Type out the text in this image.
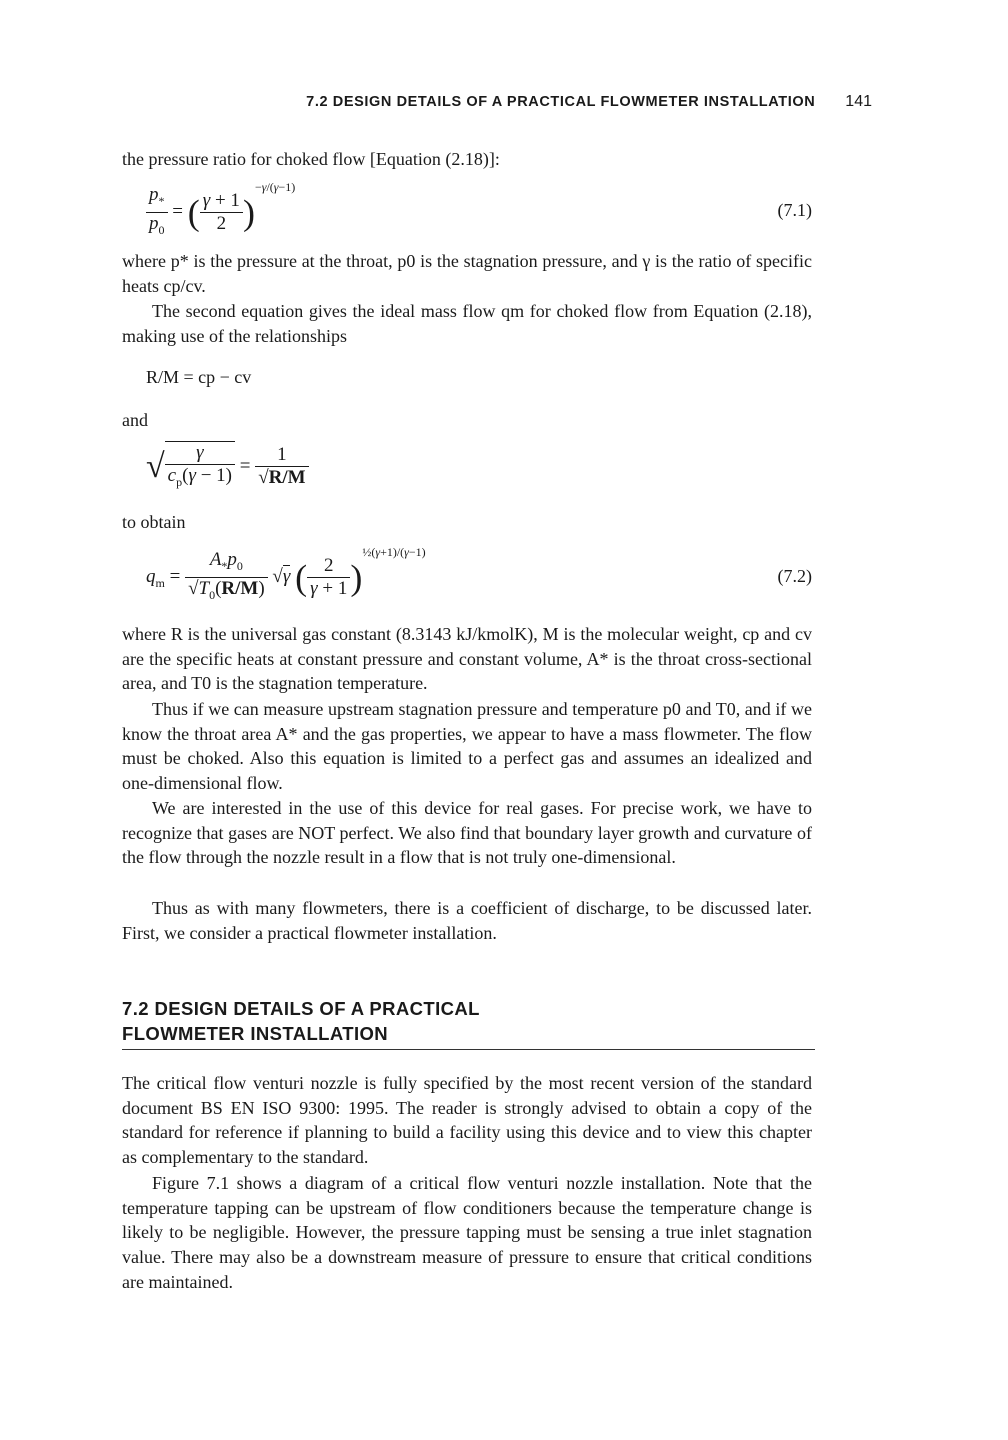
7.2 DESIGN DETAILS OF A PRACTICAL FLOWMETER INSTALLATION 141

the pressure ratio for choked flow [Equation (2.18)]:

$\frac{p_*}{p_0}$ = ( $\frac{\gamma + 1}{2} )^{-\gamma/(\gamma-1)}$
(7.1)

where p* is the pressure at the throat, p0 is the stagnation pressure, and γ is the ratio of specific heats cp/cv.

The second equation gives the ideal mass flow qm for choked flow from Equation (2.18), making use of the relationships

R/M = cp − cv

and

√ $\frac{\gamma}{c_p(\gamma - 1)} = \frac{1}{√R/M}$

to obtain

$q_m = \frac{A_*p_0}{√T_0(R/M)} √\gamma$ ( $\frac{2}{\gamma + 1} )^{\frac{1}{2}(\gamma+1)/(\gamma-1)}$
(7.2)

where R is the universal gas constant (8.3143 kJ/kmolK), M is the molecular weight, cp and cv are the specific heats at constant pressure and constant volume, A* is the throat cross-sectional area, and T0 is the stagnation temperature.

Thus if we can measure upstream stagnation pressure and temperature p0 and T0, and if we know the throat area A* and the gas properties, we appear to have a mass flowmeter. The flow must be choked. Also this equation is limited to a perfect gas and assumes an idealized and one-dimensional flow.

We are interested in the use of this device for real gases. For precise work, we have to recognize that gases are NOT perfect. We also find that boundary layer growth and curvature of the flow through the nozzle result in a flow that is not truly one-dimensional.

Thus as with many flowmeters, there is a coefficient of discharge, to be discussed later. First, we consider a practical flowmeter installation.

7.2 DESIGN DETAILS OF A PRACTICAL
FLOWMETER INSTALLATION

The critical flow venturi nozzle is fully specified by the most recent version of the standard document BS EN ISO 9300: 1995. The reader is strongly advised to obtain a copy of the standard for reference if planning to build a facility using this device and to view this chapter as complementary to the standard.

Figure 7.1 shows a diagram of a critical flow venturi nozzle installation. Note that the temperature tapping can be upstream of flow conditioners because the temperature change is likely to be negligible. However, the pressure tapping must be sensing a true inlet stagnation value. There may also be a downstream measure of pressure to ensure that critical conditions are maintained.
